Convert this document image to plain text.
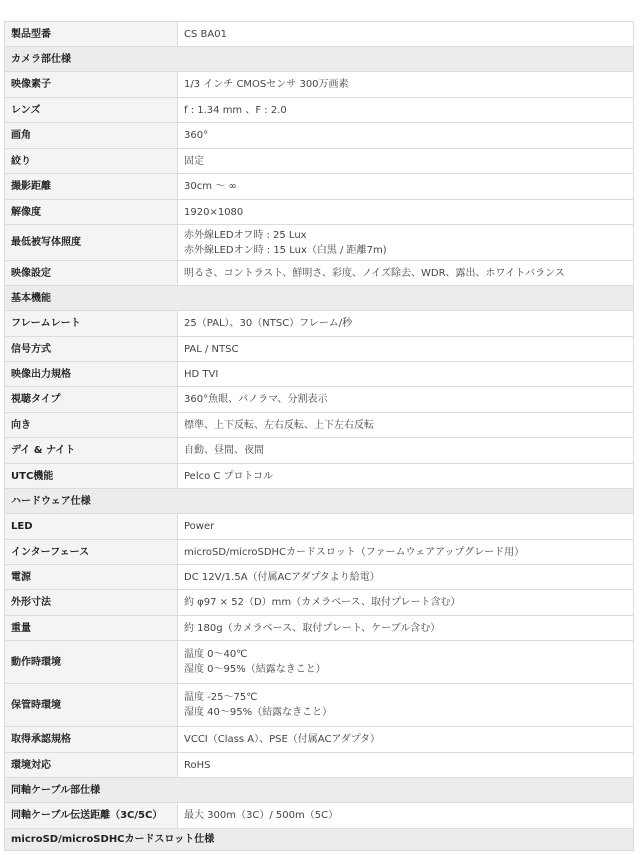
製品型番	CS BA01

カメラ部仕様	
映像素子	1/3 インチ CMOSセンサ 300万画素

レンズ	f : 1.34 mm 、F : 2.0

画角	360°

絞り	固定

撮影距離	30cm ～ ∞

解像度	1920×1080

最低被写体照度	赤外線LEDオフ時 : 25 Lux
赤外線LEDオン時 : 15 Lux（白黒 / 距離7m)

映像設定	明るさ、コントラスト、鮮明さ、彩度、ノイズ除去、WDR、露出、ホワイトバランス

基本機能	
フレームレート	25（PAL）、30（NTSC）フレーム/秒

信号方式	PAL / NTSC

映像出力規格	HD TVI

視聴タイプ	360°魚眼、パノラマ、分割表示

向き	標準、上下反転、左右反転、上下左右反転

デイ & ナイト	自動、昼間、夜間

UTC機能	Pelco C プロトコル

ハードウェア仕様	
LED	Power

インターフェース	microSD/microSDHCカードスロット（ファームウェアアップグレード用）

電源	DC 12V/1.5A（付属ACアダプタより給電）

外形寸法	約 φ97 × 52（D）mm（カメラベース、取付プレート含む）

重量	約 180g（カメラベース、取付プレート、ケーブル含む）

動作時環境	温度 0～40℃
湿度 0～95%（結露なきこと）

保管時環境	温度 -25～75℃
湿度 40～95%（結露なきこと）

取得承認規格	VCCI（Class A）、PSE（付属ACアダプタ）

環境対応	RoHS

同軸ケーブル部仕様	
同軸ケーブル伝送距離（3C/5C）	最大 300m（3C）/ 500m（5C）

microSD/microSDHCカードスロット仕様	
